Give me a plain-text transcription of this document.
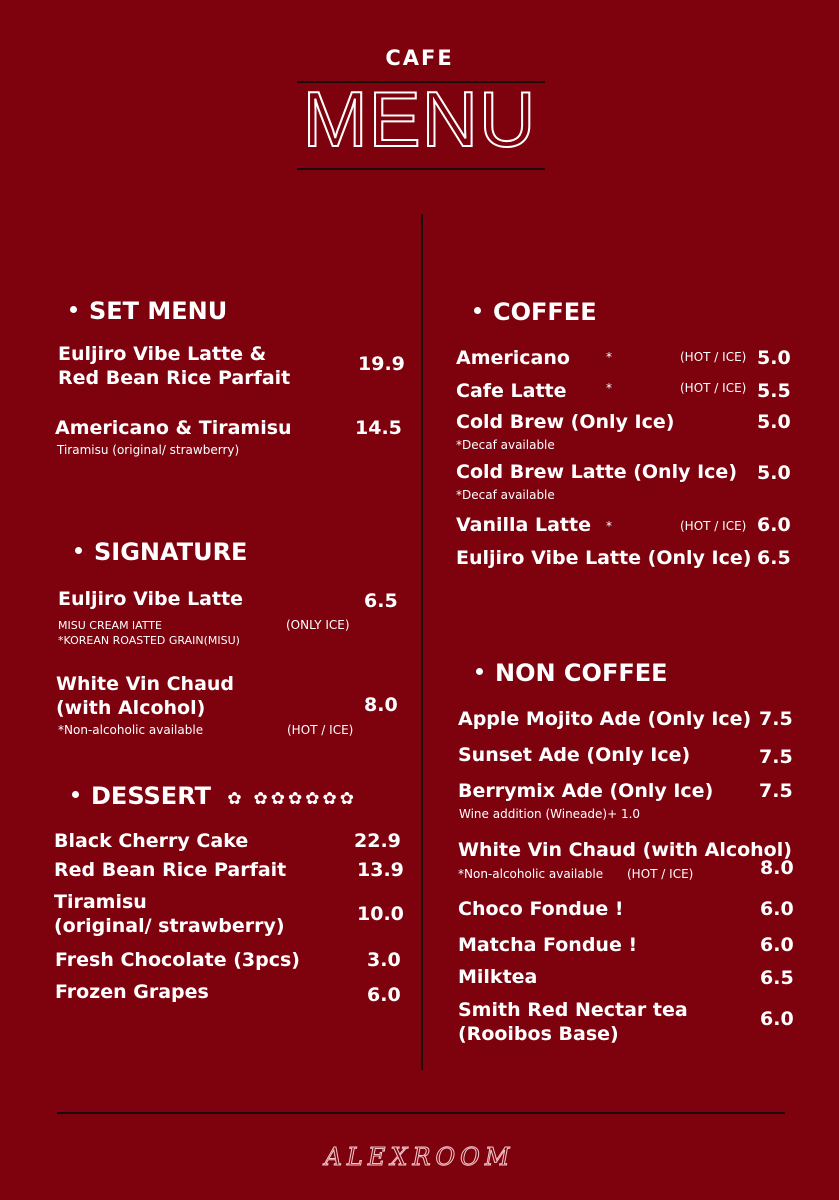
CAFE
MENU
SET MENU
Euljiro Vibe Latte &
Red Bean Rice Parfait
19.9
Americano & Tiramisu
Tiramisu (original/ strawberry)
14.5
SIGNATURE
Euljiro Vibe Latte
MISU CREAM lATTE
*KOREAN ROASTED GRAIN(MISU)
(ONLY ICE)
6.5
White Vin Chaud
(with Alcohol)
*Non-alcoholic available	(HOT / ICE)
8.0
DESSERT ✿ ✿✿✿✿✿✿
Black Cherry Cake	22.9
Red Bean Rice Parfait	13.9
Tiramisu
(original/ strawberry)
10.0
Fresh Chocolate (3pcs)	3.0
Frozen Grapes	6.0
COFFEE
Americano	*	(HOT / ICE) 5.0
Cafe Latte	*	(HOT / ICE) 5.5
Cold Brew (Only Ice)
*Decaf available
5.0
Cold Brew Latte (Only Ice)
*Decaf available
5.0
Vanilla Latte *	(HOT / ICE) 6.0
Euljiro Vibe Latte (Only Ice) 6.5
NON COFFEE
Apple Mojito Ade (Only Ice) 7.5
Sunset Ade (Only Ice)	7.5
Berrymix Ade (Only Ice)
Wine addition (Wineade)+ 1.0
7.5
White Vin Chaud (with Alcohol)
*Non-alcoholic available (HOT / ICE)	8.0
Choco Fondue !	6.0
Matcha Fondue !	6.0
Milktea	6.5
Smith Red Nectar tea
(Rooibos Base)
6.0
ALEXROOM
